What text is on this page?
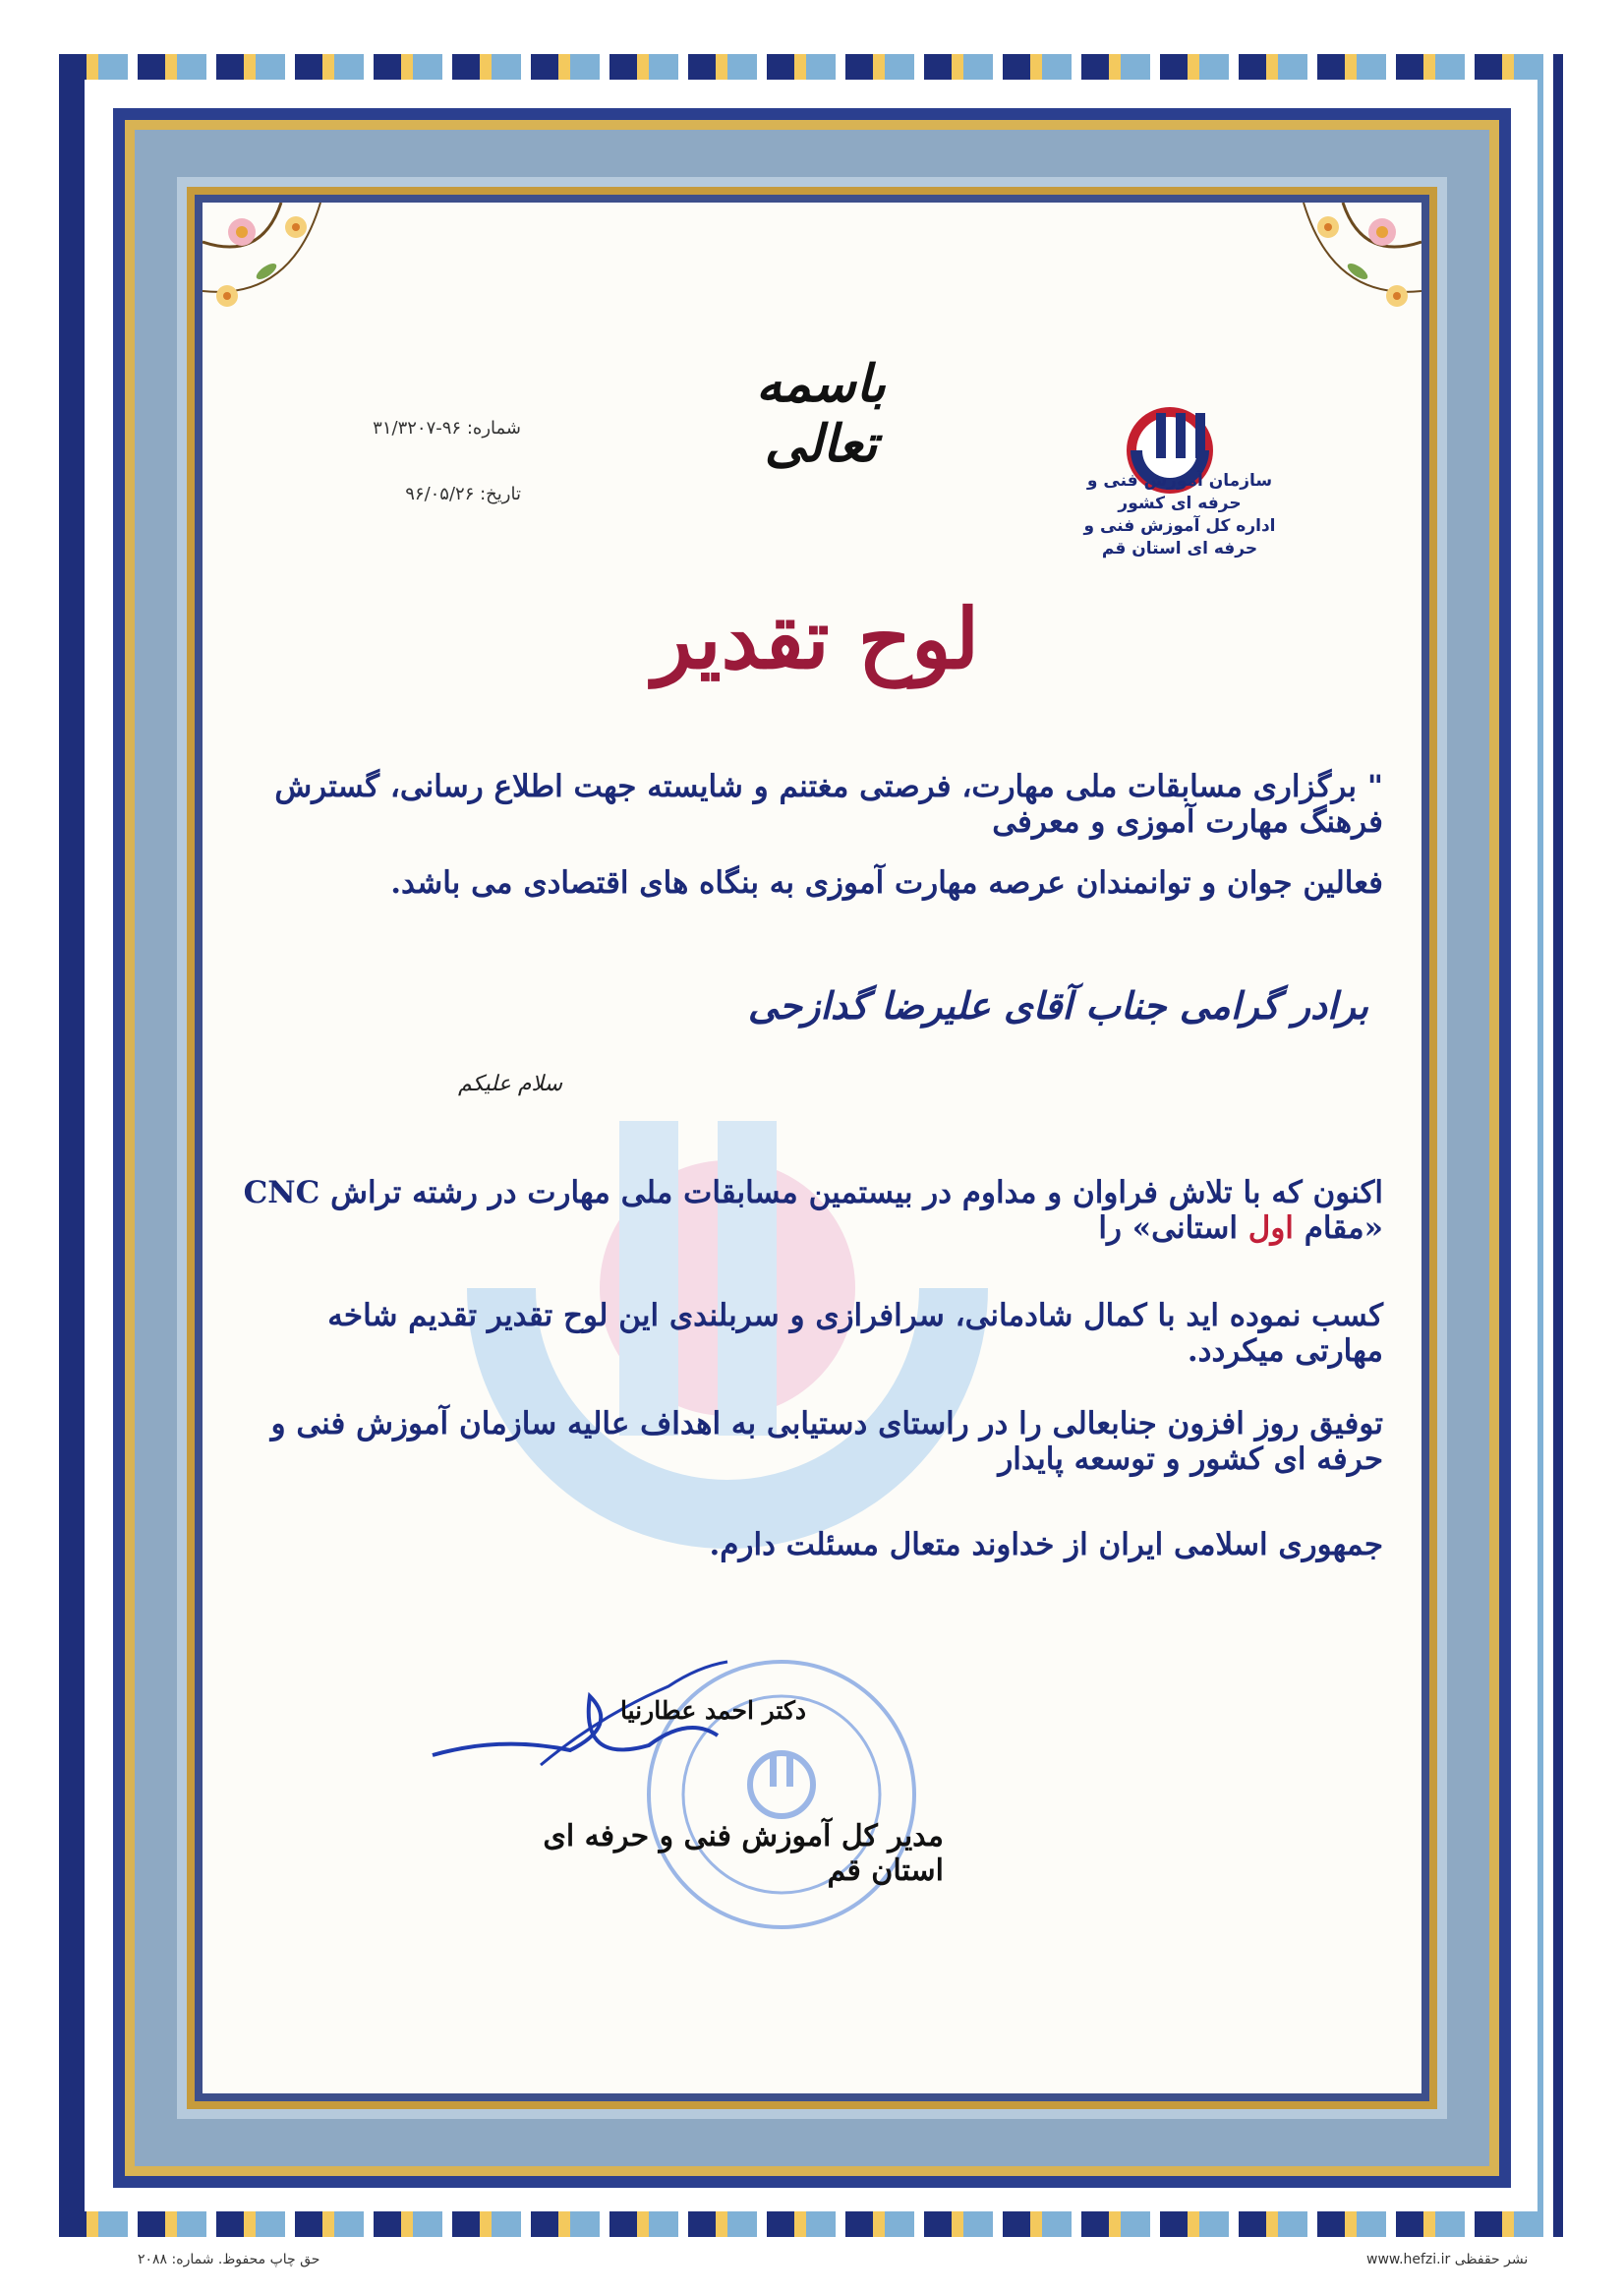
باسمه تعالی
شماره: ۹۶-۳۱/۳۲۰۷
تاریخ: ۹۶/۰۵/۲۶
سازمان آموزش فنی و حرفه ای کشور
اداره کل آموزش فنی و حرفه ای استان قم
لوح تقدیر
" برگزاری مسابقات ملی مهارت، فرصتی مغتنم و شایسته جهت اطلاع رسانی، گسترش فرهنگ مهارت آموزی و معرفی
فعالین جوان و توانمندان عرصه مهارت آموزی به بنگاه های اقتصادی می باشد.
برادر گرامی جناب آقای علیرضا گدازحی
سلام علیکم
اکنون که با تلاش فراوان و مداوم در بیستمین مسابقات ملی مهارت در رشته تراش CNC «مقام اول استانی» را
کسب نموده اید با کمال شادمانی، سرافرازی و سربلندی این لوح تقدیر تقدیم شاخه مهارتی میکردد.
توفیق روز افزون جنابعالی را در راستای دستیابی به اهداف عالیه سازمان آموزش فنی و حرفه ای کشور و توسعه پایدار
جمهوری اسلامی ایران از خداوند متعال مسئلت دارم.
دکتر احمد عطارنیا
مدیر کل آموزش فنی و حرفه ای استان قم
حق چاپ محفوظ. شماره: ۲۰۸۸	نشر حقفظی www.hefzi.ir
